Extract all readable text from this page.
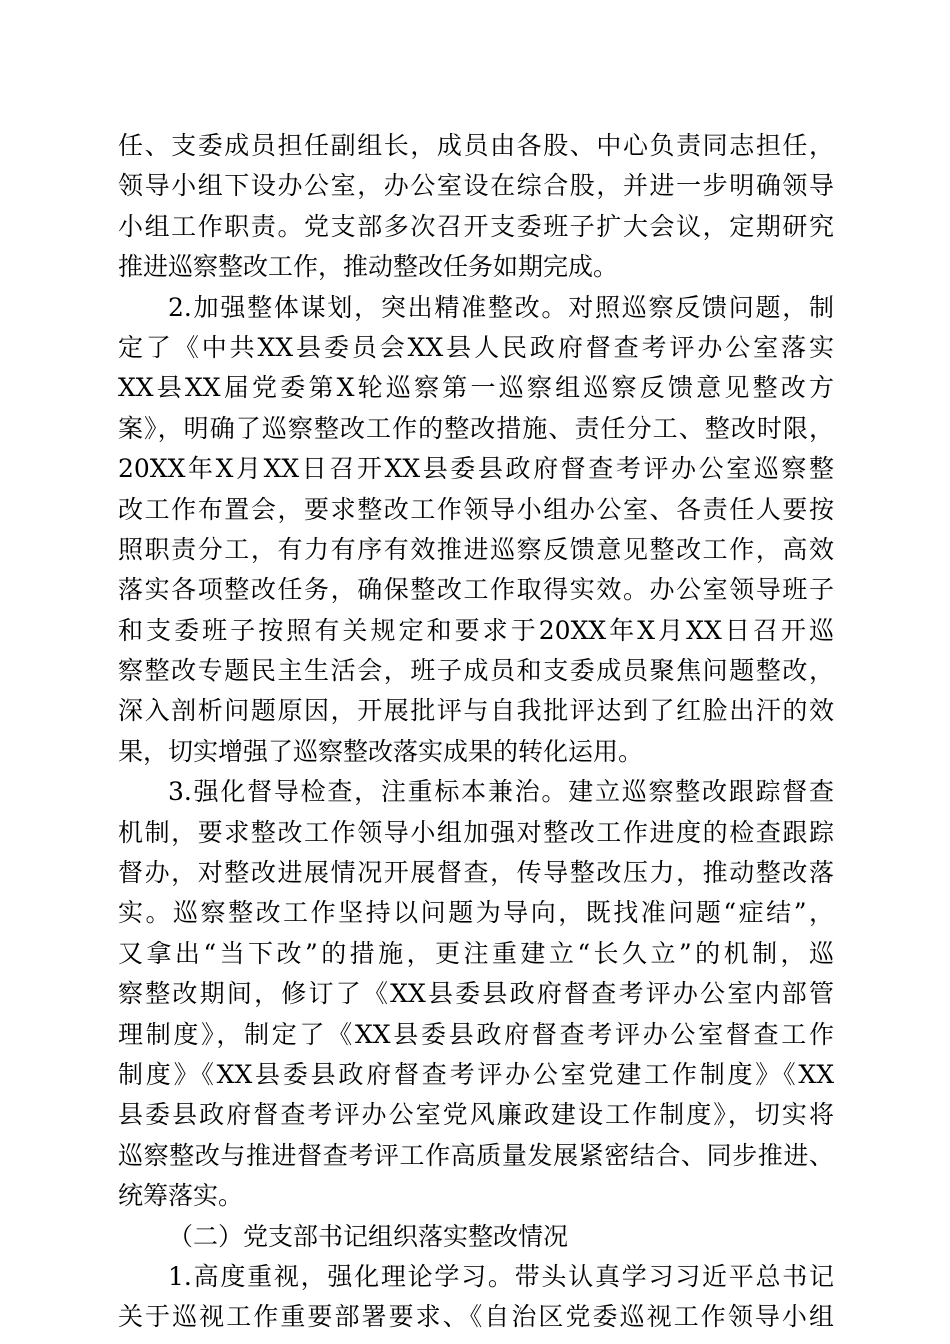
任、支委成员担任副组长，成员由各股、中心负责同志担任，
领导小组下设办公室，办公室设在综合股，并进一步明确领导
小组工作职责。党支部多次召开支委班子扩大会议，定期研究
推进巡察整改工作，推动整改任务如期完成。
2.加强整体谋划，突出精准整改。对照巡察反馈问题，制
定了《中共XX县委员会XX县人民政府督查考评办公室落实
XX县XX届党委第X轮巡察第一巡察组巡察反馈意见整改方
案》，明确了巡察整改工作的整改措施、责任分工、整改时限，
20XX年X月XX日召开XX县委县政府督查考评办公室巡察整
改工作布置会，要求整改工作领导小组办公室、各责任人要按
照职责分工，有力有序有效推进巡察反馈意见整改工作，高效
落实各项整改任务，确保整改工作取得实效。办公室领导班子
和支委班子按照有关规定和要求于20XX年X月XX日召开巡
察整改专题民主生活会，班子成员和支委成员聚焦问题整改，
深入剖析问题原因，开展批评与自我批评达到了红脸出汗的效
果，切实增强了巡察整改落实成果的转化运用。
3.强化督导检查，注重标本兼治。建立巡察整改跟踪督查
机制，要求整改工作领导小组加强对整改工作进度的检查跟踪
督办，对整改进展情况开展督查，传导整改压力，推动整改落
实。巡察整改工作坚持以问题为导向，既找准问题“症结”，
又拿出“当下改”的措施，更注重建立“长久立”的机制，巡
察整改期间，修订了《XX县委县政府督查考评办公室内部管
理制度》，制定了《XX县委县政府督查考评办公室督查工作
制度》《XX县委县政府督查考评办公室党建工作制度》《XX
县委县政府督查考评办公室党风廉政建设工作制度》，切实将
巡察整改与推进督查考评工作高质量发展紧密结合、同步推进、
统筹落实。
（二）党支部书记组织落实整改情况
1.高度重视，强化理论学习。带头认真学习习近平总书记
关于巡视工作重要部署要求、《自治区党委巡视工作领导小组
